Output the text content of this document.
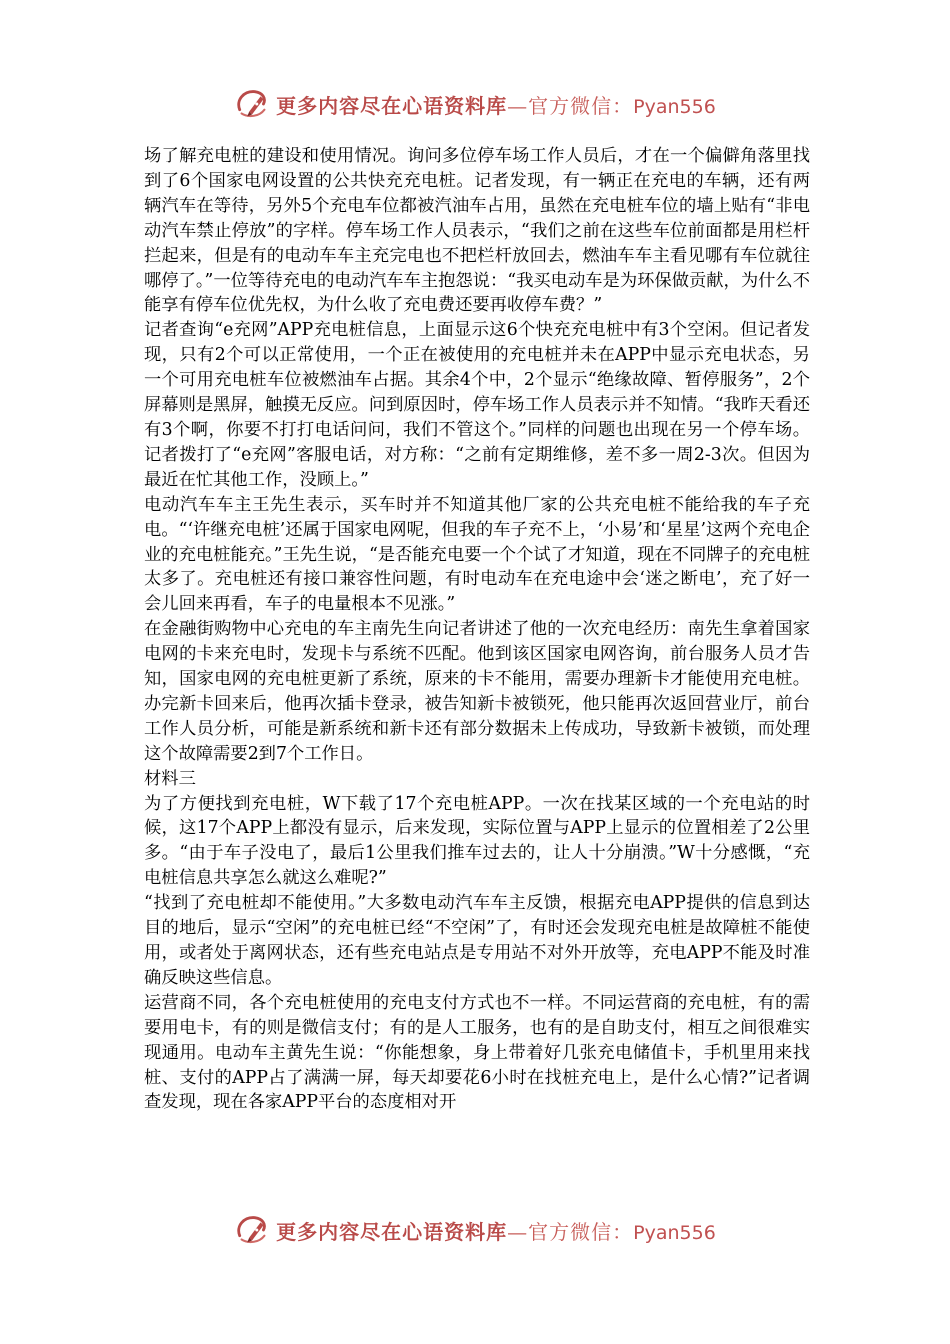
更多内容尽在心语资料库 — 官方微信： Pyan556

场了解充电桩的建设和使用情况。询问多位停车场工作人员后，才在一个偏僻角落里找到了6个国家电网设置的公共快充充电桩。记者发现，有一辆正在充电的车辆，还有两辆汽车在等待，另外5个充电车位都被汽油车占用，虽然在充电桩车位的墙上贴有“非电动汽车禁止停放”的字样。停车场工作人员表示，“我们之前在这些车位前面都是用栏杆拦起来，但是有的电动车车主充完电也不把栏杆放回去，燃油车车主看见哪有车位就往哪停了。”一位等待充电的电动汽车车主抱怨说：“我买电动车是为环保做贡献，为什么不能享有停车位优先权，为什么收了充电费还要再收停车费？”

记者查询“e充网”APP充电桩信息，上面显示这6个快充充电桩中有3个空闲。但记者发现，只有2个可以正常使用，一个正在被使用的充电桩并未在APP中显示充电状态，另一个可用充电桩车位被燃油车占据。其余4个中，2个显示“绝缘故障、暂停服务”，2个屏幕则是黑屏，触摸无反应。问到原因时，停车场工作人员表示并不知情。“我昨天看还有3个啊，你要不打打电话问问，我们不管这个。”同样的问题也出现在另一个停车场。记者拨打了“e充网”客服电话，对方称：“之前有定期维修，差不多一周2-3次。但因为最近在忙其他工作，没顾上。”

电动汽车车主王先生表示，买车时并不知道其他厂家的公共充电桩不能给我的车子充电。“‘许继充电桩’还属于国家电网呢，但我的车子充不上，‘小易’和‘星星’这两个充电企业的充电桩能充。”王先生说，“是否能充电要一个个试了才知道，现在不同牌子的充电桩太多了。充电桩还有接口兼容性问题，有时电动车在充电途中会‘迷之断电’，充了好一会儿回来再看，车子的电量根本不见涨。”

在金融街购物中心充电的车主南先生向记者讲述了他的一次充电经历：南先生拿着国家电网的卡来充电时，发现卡与系统不匹配。他到该区国家电网咨询，前台服务人员才告知，国家电网的充电桩更新了系统，原来的卡不能用，需要办理新卡才能使用充电桩。办完新卡回来后，他再次插卡登录，被告知新卡被锁死，他只能再次返回营业厅，前台工作人员分析，可能是新系统和新卡还有部分数据未上传成功，导致新卡被锁，而处理这个故障需要2到7个工作日。

材料三

为了方便找到充电桩，W下载了17个充电桩APP。一次在找某区域的一个充电站的时候，这17个APP上都没有显示，后来发现，实际位置与APP上显示的位置相差了2公里多。“由于车子没电了，最后1公里我们推车过去的，让人十分崩溃。”W十分感慨，“充电桩信息共享怎么就这么难呢?”

“找到了充电桩却不能使用。”大多数电动汽车车主反馈，根据充电APP提供的信息到达目的地后，显示“空闲”的充电桩已经“不空闲”了，有时还会发现充电桩是故障桩不能使用，或者处于离网状态，还有些充电站点是专用站不对外开放等，充电APP不能及时准确反映这些信息。

运营商不同，各个充电桩使用的充电支付方式也不一样。不同运营商的充电桩，有的需要用电卡，有的则是微信支付；有的是人工服务，也有的是自助支付，相互之间很难实现通用。电动车主黄先生说：“你能想象，身上带着好几张充电储值卡，手机里用来找桩、支付的APP占了满满一屏，每天却要花6小时在找桩充电上，是什么心情?”记者调查发现，现在各家APP平台的态度相对开

更多内容尽在心语资料库 — 官方微信： Pyan556
